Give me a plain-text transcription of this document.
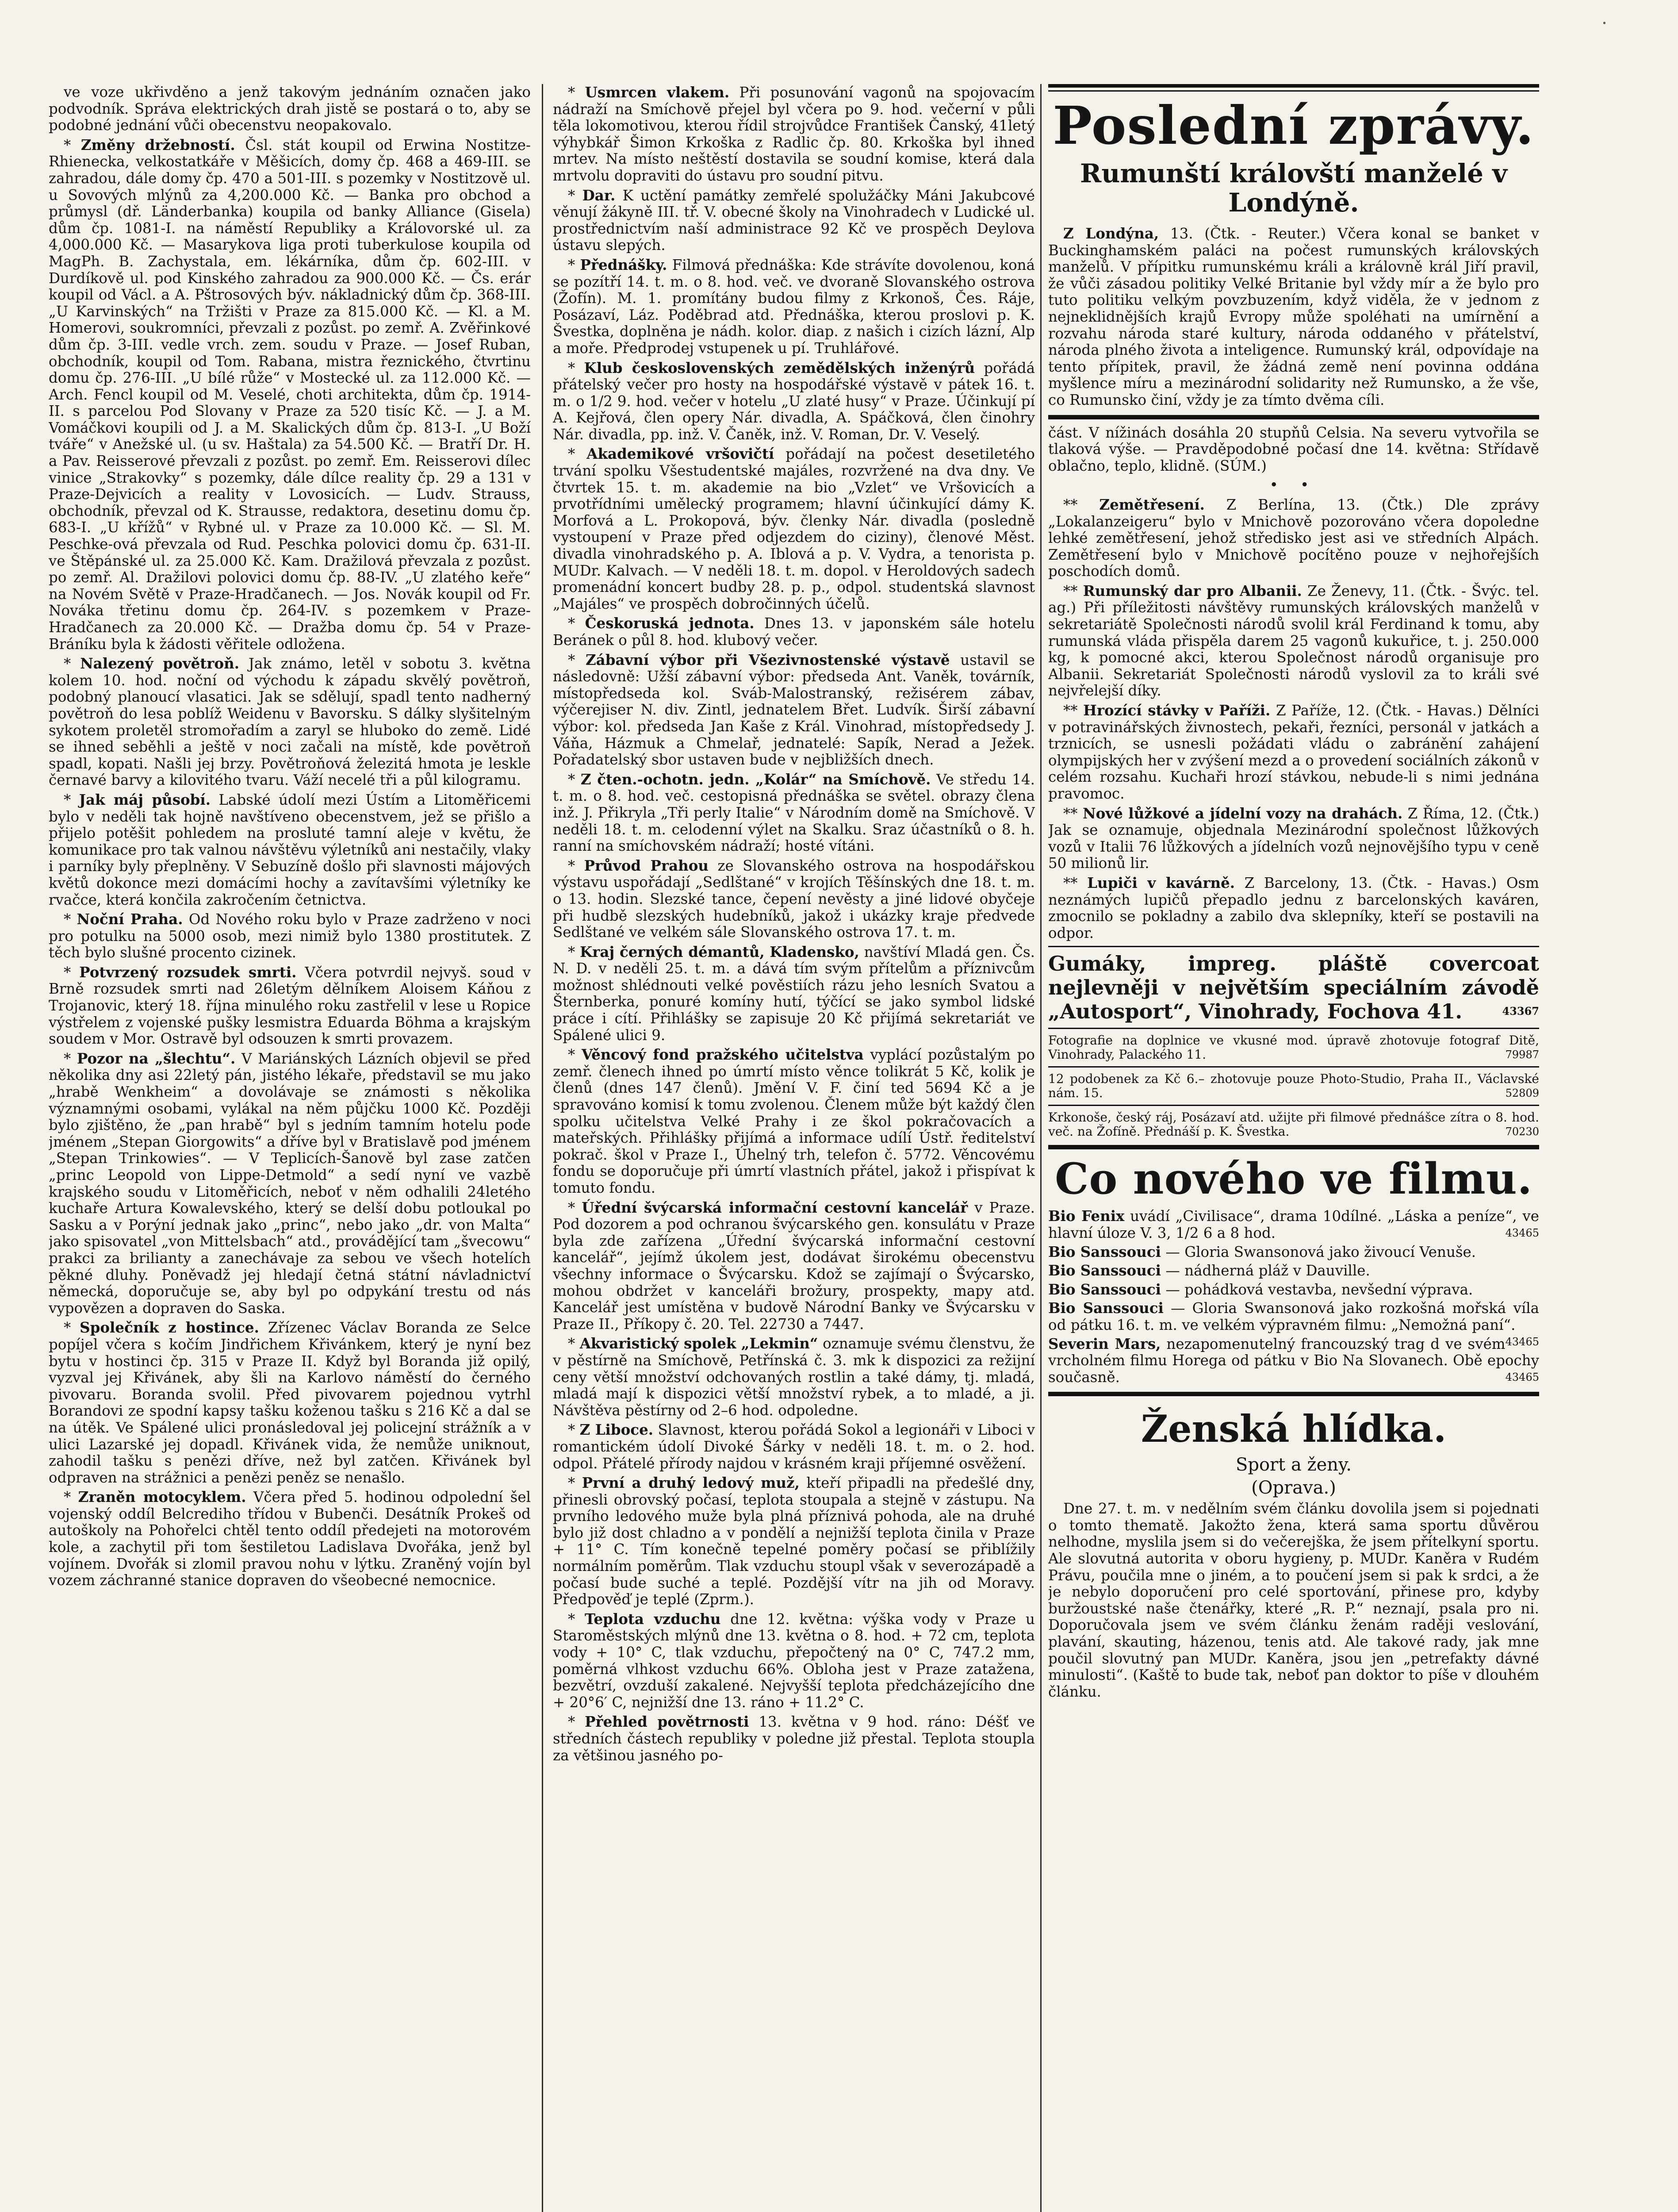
·

ve voze ukřivděno a jenž takovým jednáním označen jako podvodník. Správa elektrických drah jistě se postará o to, aby se podobné jednání vůči obecenstvu neopakovalo.

* Změny držebností. Čsl. stát koupil od Erwina Nostitze-Rhienecka, velkostatkáře v Měšicích, domy čp. 468 a 469-III. se zahradou, dále domy čp. 470 a 501-III. s pozemky v Nostitzově ul. u Sovových mlýnů za 4,200.000 Kč. — Banka pro obchod a průmysl (dř. Länderbanka) koupila od banky Alliance (Gisela) dům čp. 1081-I. na náměstí Republiky a Královorské ul. za 4,000.000 Kč. — Masarykova liga proti tuberkulose koupila od MagPh. B. Zachystala, em. lékárníka, dům čp. 602-III. v Durdíkově ul. pod Kinského zahradou za 900.000 Kč. — Čs. erár koupil od Václ. a A. Pštrosových býv. nákladnický dům čp. 368-III. „U Karvinských“ na Tržišti v Praze za 815.000 Kč. — Kl. a M. Homerovi, soukromníci, převzali z pozůst. po zemř. A. Zvěřinkové dům čp. 3-III. vedle vrch. zem. soudu v Praze. — Josef Ruban, obchodník, koupil od Tom. Rabana, mistra řeznického, čtvrtinu domu čp. 276-III. „U bílé růže“ v Mostecké ul. za 112.000 Kč. — Arch. Fencl koupil od M. Veselé, choti architekta, dům čp. 1914-II. s parcelou Pod Slovany v Praze za 520 tisíc Kč. — J. a M. Vomáčkovi koupili od J. a M. Skalických dům čp. 813-I. „U Boží tváře“ v Anežské ul. (u sv. Haštala) za 54.500 Kč. — Bratří Dr. H. a Pav. Reisserové převzali z pozůst. po zemř. Em. Reisserovi dílec vinice „Strakovky“ s pozemky, dále dílce reality čp. 29 a 131 v Praze-Dejvicích a reality v Lovosicích. — Ludv. Strauss, obchodník, převzal od K. Strausse, redaktora, desetinu domu čp. 683-I. „U křížů“ v Rybné ul. v Praze za 10.000 Kč. — Sl. M. Peschke-ová převzala od Rud. Peschka polovici domu čp. 631-II. ve Štěpánské ul. za 25.000 Kč. Kam. Dražilová převzala z pozůst. po zemř. Al. Dražilovi polovici domu čp. 88-IV. „U zlatého keře“ na Novém Světě v Praze-Hradčanech. — Jos. Novák koupil od Fr. Nováka třetinu domu čp. 264-IV. s pozemkem v Praze-Hradčanech za 20.000 Kč. — Dražba domu čp. 54 v Praze-Bráníku byla k žádosti věřitele odložena.

* Nalezený povětroň. Jak známo, letěl v sobotu 3. května kolem 10. hod. noční od východu k západu skvělý povětroň, podobný planoucí vlasatici. Jak se sdělují, spadl tento nadherný povětroň do lesa poblíž Weidenu v Bavorsku. S dálky slyšitelným sykotem proletěl stromořadím a zaryl se hluboko do země. Lidé se ihned seběhli a ještě v noci začali na místě, kde povětroň spadl, kopati. Našli jej brzy. Povětroňová železitá hmota je leskle černavé barvy a kilovitého tvaru. Váží necelé tři a půl kilogramu.

* Jak máj působí. Labské údolí mezi Ústím a Litoměřicemi bylo v neděli tak hojně navštíveno obecenstvem, jež se přišlo a přijelo potěšit pohledem na prosluté tamní aleje v květu, že komunikace pro tak valnou návštěvu výletníků ani nestačily, vlaky i parníky byly přeplněny. V Sebuzíně došlo při slavnosti májových květů dokonce mezi domácími hochy a zavítavšími výletníky ke rvačce, která končila zakročením četnictva.

* Noční Praha. Od Nového roku bylo v Praze zadrženo v noci pro potulku na 5000 osob, mezi nimiž bylo 1380 prostitutek. Z těch bylo slušné procento cizinek.

* Potvrzený rozsudek smrti. Včera potvrdil nejvyš. soud v Brně rozsudek smrti nad 26letým dělníkem Aloisem Káňou z Trojanovic, který 18. října minulého roku zastřelil v lese u Ropice výstřelem z vojenské pušky lesmistra Eduarda Böhma a krajským soudem v Mor. Ostravě byl odsouzen k smrti provazem.

* Pozor na „šlechtu“. V Mariánských Lázních objevil se před několika dny asi 22letý pán, jistého lékaře, představil se mu jako „hrabě Wenkheim“ a dovolávaje se známosti s několika významnými osobami, vylákal na něm půjčku 1000 Kč. Později bylo zjištěno, že „pan hrabě“ byl s jedním tamním hotelu pode jménem „Stepan Giorgowits“ a dříve byl v Bratislavě pod jménem „Stepan Trinkowies“. — V Teplicích-Šanově byl zase zatčen „princ Leopold von Lippe-Detmold“ a sedí nyní ve vazbě krajského soudu v Litoměřicích, neboť v něm odhalili 24letého kuchaře Artura Kowalevského, který se delší dobu potloukal po Sasku a v Porýní jednak jako „princ“, nebo jako „dr. von Malta“ jako spisovatel „von Mittelsbach“ atd., provádějící tam „švecowu“ prakci za brilianty a zanechávaje za sebou ve všech hotelích pěkné dluhy. Poněvadž jej hledají četná státní návladnictví německá, doporučuje se, aby byl po odpykání trestu od nás vypovězen a dopraven do Saska.

* Společník z hostince. Zřízenec Václav Boranda ze Selce popíjel včera s kočím Jindřichem Křivánkem, který je nyní bez bytu v hostinci čp. 315 v Praze II. Když byl Boranda již opilý, vyzval jej Křivánek, aby šli na Karlovo náměstí do černého pivovaru. Boranda svolil. Před pivovarem pojednou vytrhl Borandovi ze spodní kapsy tašku koženou tašku s 216 Kč a dal se na útěk. Ve Spálené ulici pronásledoval jej policejní strážník a v ulici Lazarské jej dopadl. Křivánek vida, že nemůže uniknout, zahodil tašku s penězi dříve, než byl zatčen. Křivánek byl odpraven na strážnici a penězi peněz se nenašlo.

* Zraněn motocyklem. Včera před 5. hodinou odpolední šel vojenský oddíl Belcrediho třídou v Bubenči. Desátník Prokeš od autoškoly na Pohořelci chtěl tento oddíl předejeti na motorovém kole, a zachytil při tom šestiletou Ladislava Dvořáka, jenž byl vojínem. Dvořák si zlomil pravou nohu v lýtku. Zraněný vojín byl vozem záchranné stanice dopraven do všeobecné nemocnice.

* Usmrcen vlakem. Při posunování vagonů na spojovacím nádraží na Smíchově přejel byl včera po 9. hod. večerní v půli těla lokomotivou, kterou řídil strojvůdce František Čanský, 41letý výhybkář Šimon Krkoška z Radlic čp. 80. Krkoška byl ihned mrtev. Na místo neštěstí dostavila se soudní komise, která dala mrtvolu dopraviti do ústavu pro soudní pitvu.

* Dar. K uctění památky zemřelé spolužáčky Máni Jakubcové věnují žákyně III. tř. V. obecné školy na Vinohradech v Ludické ul. prostřednictvím naší administrace 92 Kč ve prospěch Deylova ústavu slepých.

* Přednášky. Filmová přednáška: Kde strávíte dovolenou, koná se pozítří 14. t. m. o 8. hod. več. ve dvoraně Slovanského ostrova (Žofín). M. 1. promítány budou filmy z Krkonoš, Čes. Ráje, Posázaví, Láz. Poděbrad atd. Přednáška, kterou proslovi p. K. Švestka, doplněna je nádh. kolor. diap. z našich i cizích lázní, Alp a moře. Předprodej vstupenek u pí. Truhlářové.

* Klub československých zemědělských inženýrů pořádá přátelský večer pro hosty na hospodářské výstavě v pátek 16. t. m. o 1/2 9. hod. večer v hotelu „U zlaté husy“ v Praze. Účinkují pí A. Kejřová, člen opery Nár. divadla, A. Spáčková, člen činohry Nár. divadla, pp. inž. V. Čaněk, inž. V. Roman, Dr. V. Veselý.

* Akademikové vršovičtí pořádají na počest desetiletého trvání spolku Všestudentské majáles, rozvržené na dva dny. Ve čtvrtek 15. t. m. akademie na bio „Vzlet“ ve Vršovicích a prvotřídními umělecký programem; hlavní účinkující dámy K. Morfová a L. Prokopová, býv. členky Nár. divadla (posledně vystoupení v Praze před odjezdem do ciziny), členové Měst. divadla vinohradského p. A. Iblová a p. V. Vydra, a tenorista p. MUDr. Kalvach. — V neděli 18. t. m. dopol. v Heroldových sadech promenádní koncert budby 28. p. p., odpol. studentská slavnost „Majáles“ ve prospěch dobročinných účelů.

* Českoruská jednota. Dnes 13. v japonském sále hotelu Beránek o půl 8. hod. klubový večer.

* Zábavní výbor při Všezivnostenské výstavě ustavil se následovně: Užší zábavní výbor: předseda Ant. Vaněk, továrník, místopředseda kol. Sváb-Malostranský, režisérem zábav, výčerejiser N. div. Zintl, jednatelem Břet. Ludvík. Širší zábavní výbor: kol. předseda Jan Kaše z Král. Vinohrad, místopředsedy J. Váňa, Házmuk a Chmelař, jednatelé: Sapík, Nerad a Ježek. Pořadatelský sbor ustaven bude v nejbližších dnech.

* Z čten.-ochotn. jedn. „Kolár“ na Smíchově. Ve středu 14. t. m. o 8. hod. več. cestopisná přednáška se světel. obrazy člena inž. J. Přikryla „Tři perly Italie“ v Národním domě na Smíchově. V neděli 18. t. m. celodenní výlet na Skalku. Sraz účastníků o 8. h. ranní na smíchovském nádraží; hosté vítáni.

* Průvod Prahou ze Slovanského ostrova na hospodářskou výstavu uspořádají „Sedlštané“ v krojích Těšínských dne 18. t. m. o 13. hodin. Slezské tance, čepení nevěsty a jiné lidové obyčeje při hudbě slezských hudebníků, jakož i ukázky kraje předvede Sedlštané ve velkém sále Slovanského ostrova 17. t. m.

* Kraj černých démantů, Kladensko, navštíví Mladá gen. Čs. N. D. v neděli 25. t. m. a dává tím svým přítelům a příznivcům možnost shlédnouti velké pověstiích rázu jeho lesních Svatou a Šternberka, ponuré komíny hutí, týčící se jako symbol lidské práce i cítí. Přihlášky se zapisuje 20 Kč přijímá sekretariát ve Spálené ulici 9.

* Věncový fond pražského učitelstva vyplácí pozůstalým po zemř. členech ihned po úmrtí místo věnce tolikrát 5 Kč, kolik je členů (dnes 147 členů). Jmění V. F. činí ted 5694 Kč a je spravováno komisí k tomu zvolenou. Členem může být každý člen spolku učitelstva Velké Prahy i ze škol pokračovacích a mateřských. Přihlášky přijímá a informace udílí Ústř. ředitelství pokrač. škol v Praze I., Úhelný trh, telefon č. 5772. Věncovému fondu se doporučuje při úmrtí vlastních přátel, jakož i přispívat k tomuto fondu.

* Úřední švýcarská informační cestovní kancelář v Praze. Pod dozorem a pod ochranou švýcarského gen. konsulátu v Praze byla zde zařízena „Úřední švýcarská informační cestovní kancelář“, jejímž úkolem jest, dodávat širokému obecenstvu všechny informace o Švýcarsku. Kdož se zajímají o Švýcarsko, mohou obdržet v kanceláři brožury, prospekty, mapy atd. Kancelář jest umístěna v budově Národní Banky ve Švýcarsku v Praze II., Příkopy č. 20. Tel. 22730 a 7447.

* Akvaristický spolek „Lekmin“ oznamuje svému členstvu, že v pěstírně na Smíchově, Petřínská č. 3. mk k dispozici za režijní ceny větší množství odchovaných rostlin a také dámy, tj. mladá, mladá mají k dispozici větší množství rybek, a to mladé, a ji. Návštěva pěstírny od 2–6 hod. odpoledne.

* Z Libocе. Slavnost, kterou pořádá Sokol a legionáři v Libocі v romantickém údolí Divoké Šárky v neděli 18. t. m. o 2. hod. odpol. Přátelé přírody najdou v krásném kraji příjemné osvěžení.

* První a druhý ledový muž, kteří připadli na předešlé dny, přinesli obrovský počasí, teplota stoupala a stejně v zástupu. Na prvního ledového muže byla plná příznivá pohoda, ale na druhé bylo již dost chladno a v pondělí a nejnižší teplota činila v Praze + 11° C. Tím konečně tepelné poměry počasí se přiblížily normálním poměrům. Tlak vzduchu stoupl však v severozápadě a počasí bude suché a teplé. Pozdější vítr na jih od Moravy. Předpověď je teplé (Zprm.).

* Teplota vzduchu dne 12. května: výška vody v Praze u Staroměstských mlýnů dne 13. května o 8. hod. + 72 cm, teplota vody + 10° C, tlak vzduchu, přepočtený na 0° C, 747.2 mm, poměrná vlhkost vzduchu 66%. Obloha jest v Praze zatažena, bezvětrí, ovzduší zakalené. Nejvyšší teplota předcházejícího dne + 20°6′ C, nejnižší dne 13. ráno + 11.2° C.

* Přehled povětrnosti 13. května v 9 hod. ráno: Déšť ve středních částech republiky v poledne již přestal. Teplota stoupla za většinou jasného po-

Poslední zprávy.
Rumunští královští manželé v Londýně.

Z Londýna, 13. (Čtk. - Reuter.) Včera konal se banket v Buckinghamském paláci na počest rumunských královských manželů. V přípitku rumunskému králi a královně král Jiří pravil, že vůči zásadou politiky Velké Britanie byl vždy mír a že bylo pro tuto politiku velkým povzbuzením, když viděla, že v jednom z nejneklidnějších krajů Evropy může spoléhati na umírnění a rozvahu národa staré kultury, národa oddaného v přátelství, národa plného života a inteligence. Rumunský král, odpovídaje na tento přípitek, pravil, že žádná země není povinna oddána myšlence míru a mezinárodní solidarity než Rumunsko, a že vše, co Rumunsko činí, vždy je za tímto dvěma cíli.

část. V nížinách dosáhla 20 stupňů Celsia. Na severu vytvořila se tlaková výše. — Pravděpodobné počasí dne 14. května: Střídavě oblačno, teplo, klidně. (SÚM.)

• •

** Zemětřesení. Z Berlína, 13. (Čtk.) Dle zprávy „Lokalanzeigeru“ bylo v Mnichově pozorováno včera dopoledne lehké zemětřesení, jehož středisko jest asi ve středních Alpách. Zemětřesení bylo v Mnichově pocítěno pouze v nejhořejších poschodích domů.

** Rumunský dar pro Albanii. Ze Ženevy, 11. (Čtk. - Švýc. tel. ag.) Při příležitosti návštěvy rumunských královských manželů v sekretariátě Společnosti národů svolil král Ferdinand k tomu, aby rumunská vláda přispěla darem 25 vagonů kukuřice, t. j. 250.000 kg, k pomocné akci, kterou Společnost národů organisuje pro Albanii. Sekretariát Společnosti národů vyslovil za to králi své nejvřelejší díky.

** Hrozící stávky v Paříži. Z Paříže, 12. (Čtk. - Havas.) Dělníci v potravinářských živnostech, pekaři, řezníci, personál v jatkách a trznicích, se usnesli požádati vládu o zabránění zahájení olympijských her v zvýšení mezd a o provedení sociálních zákonů v celém rozsahu. Kuchaři hrozí stávkou, nebude-li s nimi jednána pravomoc.

** Nové lůžkové a jídelní vozy na drahách. Z Říma, 12. (Čtk.) Jak se oznamuje, objednala Mezinárodní společnost lůžkových vozů v Italii 76 lůžkových a jídelních vozů nejnovějšího typu v ceně 50 milionů lir.

** Lupiči v kavárně. Z Barcelony, 13. (Čtk. - Havas.) Osm neznámých lupičů přepadlo jednu z barcelonských kaváren, zmocnilo se pokladny a zabilo dva sklepníky, kteří se postavili na odpor.

Gumáky, impreg. pláště covercoat nejlevněji v největším speciálním závodě „Autosport“, Vinohrady, Fochova 41.	43367
Fotografie na doplnice ve vkusné mod. úpravě zhotovuje fotograf Ditě, Vinohrady, Palackého 11.	79987
12 podobenek za Kč 6.– zhotovuje pouze Photo-Studio, Praha II., Václavské nám. 15.	52809
Krkonoše, český ráj, Posázaví atd. užijte při filmové přednášce zítra o 8. hod. več. na Žofíně. Přednáší p. K. Švestka.	70230
Co nového ve filmu.

Bio Fenix uvádí „Civilisace“, drama 10dílné. „Láska a peníze“, ve hlavní úloze V. 3, 1/2 6 a 8 hod.	43465

Bio Sanssouci — Gloria Swansonová jako živoucí Venuše.

Bio Sanssouci — nádherná pláž v Dauville.

Bio Sanssouci — pohádková vestavba, nevšední výprava.

Bio Sanssouci — Gloria Swansonová jako rozkošná mořská víla od pátku 16. t. m. ve velkém výpravném filmu: „Nemožná paní“.
43465

Severin Mars, nezapomenutelný francouzský trag d ve svém vrcholném filmu Horega od pátku v Bio Na Slovanech. Obě epochy současně.	43465

Ženská hlídka.
Sport a ženy.
(Oprava.)

Dne 27. t. m. v nedělním svém článku dovolila jsem si pojednati o tomto thematě. Jakožto žena, která sama sportu důvěrou nelhodne, myslila jsem si do večerejška, že jsem přítelkyní sportu. Ale slovutná autorita v oboru hygieny, p. MUDr. Kaněra v Rudém Právu, poučila mne o jiném, a to poučení jsem si pak k srdci, a že je nebylo doporučení pro celé sportování, přinese pro, kdyby buržoustské naše čtenářky, které „R. P.“ neznají, psala pro ni. Doporučovala jsem ve svém článku ženám raději veslování, plavání, skauting, házenou, tenis atd. Ale takové rady, jak mne poučil slovutný pan MUDr. Kaněra, jsou jen „petrefakty dávné minulosti“. (Kaště to bude tak, neboť pan doktor to píše v dlouhém článku.
